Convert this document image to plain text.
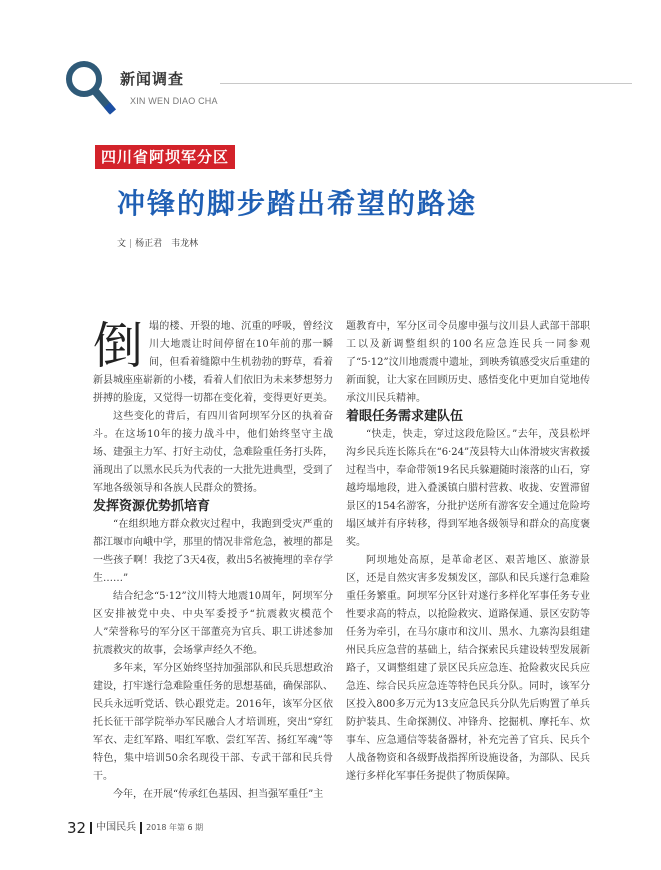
新闻调查
XIN WEN DIAO CHA
四川省阿坝军分区
冲锋的脚步踏出希望的路途
文 | 杨正君　韦龙林

倒塌的楼、开裂的地、沉重的呼吸，曾经汶川大地震让时间停留在10年前的那一瞬间，但看着缝隙中生机勃勃的野草，看着新县城座座崭新的小楼，看着人们依旧为未来梦想努力拼搏的脸庞，又觉得一切都在变化着，变得更好更美。

这些变化的背后，有四川省阿坝军分区的执着奋斗。在这场10年的接力战斗中，他们始终坚守主战场、建强主力军、打好主动仗，急难险重任务打头阵，涌现出了以黑水民兵为代表的一大批先进典型，受到了军地各级领导和各族人民群众的赞扬。

发挥资源优势抓培育

“在组织地方群众救灾过程中，我跑到受灾严重的都江堰市向峨中学，那里的情况非常危急，被埋的都是一些孩子啊！我挖了3天4夜，救出5名被掩埋的幸存学生……”

结合纪念“5·12”汶川特大地震10周年，阿坝军分区安排被党中央、中央军委授予“抗震救灾模范个人”荣誉称号的军分区干部董亮为官兵、职工讲述参加抗震救灾的故事，会场掌声经久不绝。

多年来，军分区始终坚持加强部队和民兵思想政治建设，打牢遂行急难险重任务的思想基础，确保部队、民兵永远听党话、铁心跟党走。2016年，该军分区依托长征干部学院举办军民融合人才培训班，突出“穿红军衣、走红军路、唱红军歌、尝红军苦、扬红军魂”等特色，集中培训50余名现役干部、专武干部和民兵骨干。

今年，在开展“传承红色基因、担当强军重任”主

题教育中，军分区司令员廖申强与汶川县人武部干部职工以及新调整组织的100名应急连民兵一同参观了“5·12”汶川地震震中遗址，到映秀镇感受灾后重建的新面貌，让大家在回顾历史、感悟变化中更加自觉地传承汶川民兵精神。

着眼任务需求建队伍

“快走，快走，穿过这段危险区。”去年，茂县松坪沟乡民兵连长陈兵在“6·24”茂县特大山体滑坡灾害救援过程当中，奉命带领19名民兵躲避随时滚落的山石，穿越垮塌地段，进入叠溪镇白腊村营救、收拢、安置滞留景区的154名游客，分批护送所有游客安全通过危险垮塌区域并有序转移，得到军地各级领导和群众的高度褒奖。

阿坝地处高原，是革命老区、艰苦地区、旅游景区，还是自然灾害多发频发区，部队和民兵遂行急难险重任务繁重。阿坝军分区针对遂行多样化军事任务专业性要求高的特点，以抢险救灾、道路保通、景区安防等任务为牵引，在马尔康市和汶川、黑水、九寨沟县组建州民兵应急营的基础上，结合探索民兵建设转型发展新路子，又调整组建了景区民兵应急连、抢险救灾民兵应急连、综合民兵应急连等特色民兵分队。同时，该军分区投入800多万元为13支应急民兵分队先后购置了单兵防护装具、生命探测仪、冲锋舟、挖掘机、摩托车、炊事车、应急通信等装备器材，补充完善了官兵、民兵个人战备物资和各级野战指挥所设施设备，为部队、民兵遂行多样化军事任务提供了物质保障。

32 中国民兵 2018 年第 6 期
